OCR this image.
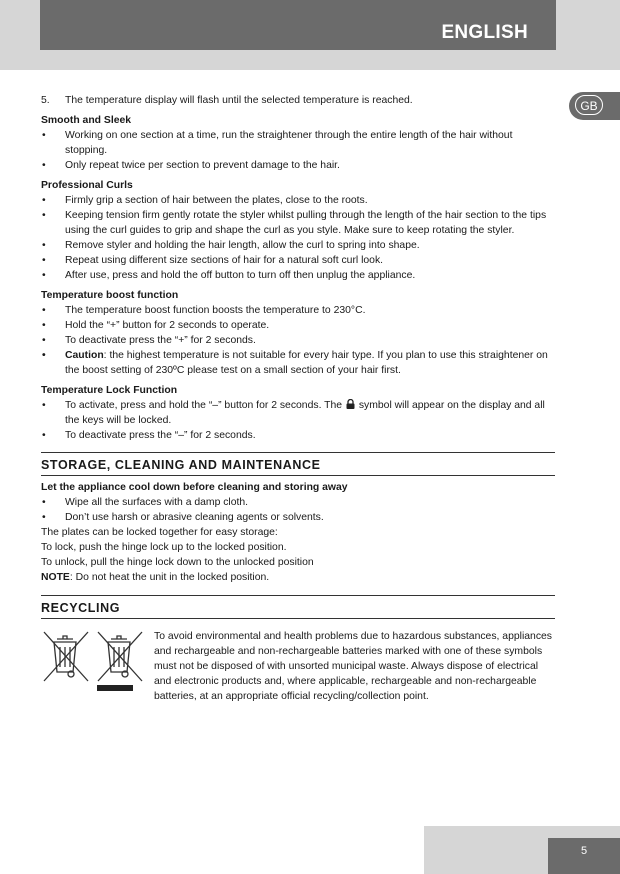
ENGLISH
GB
5.	The temperature display will flash until the selected temperature is reached.
Smooth and Sleek
•	Working on one section at a time, run the straightener through the entire length of the hair without stopping.
•	Only repeat twice per section to prevent damage to the hair.
Professional Curls
•	Firmly grip a section of hair between the plates, close to the roots.
•	Keeping tension firm gently rotate the styler whilst pulling through the length of the hair section to the tips using the curl guides to grip and shape the curl as you style. Make sure to keep rotating the styler.
•	Remove styler and holding the hair length, allow the curl to spring into shape.
•	Repeat using different size sections of hair for a natural soft curl look.
•	After use, press and hold the off button to turn off then unplug the appliance.
Temperature boost function
•	The temperature boost function boosts the temperature to 230°C.
•	Hold the “+” button for 2 seconds to operate.
•	To deactivate press the “+” for 2 seconds.
•	Caution: the highest temperature is not suitable for every hair type. If you plan to use this straightener on the boost setting of 230ºC please test on a small section of your hair first.
Temperature Lock Function
•	To activate, press and hold the “–” button for 2 seconds. The  symbol will appear on the display and all the keys will be locked.
•	To deactivate press the “–” for 2 seconds.
STORAGE, CLEANING AND MAINTENANCE
Let the appliance cool down before cleaning and storing away
•	Wipe all the surfaces with a damp cloth.
•	Don’t use harsh or abrasive cleaning agents or solvents.

The plates can be locked together for easy storage:

To lock, push the hinge lock up to the locked position.

To unlock, pull the hinge lock down to the unlocked position

NOTE: Do not heat the unit in the locked position.

RECYCLING

To avoid environmental and health problems due to hazardous substances, appliances and rechargeable and non-rechargeable batteries marked with one of these symbols must not be disposed of with unsorted municipal waste. Always dispose of electrical and electronic products and, where applicable, rechargeable and non-rechargeable batteries, at an appropriate official recycling/collection point.

5
